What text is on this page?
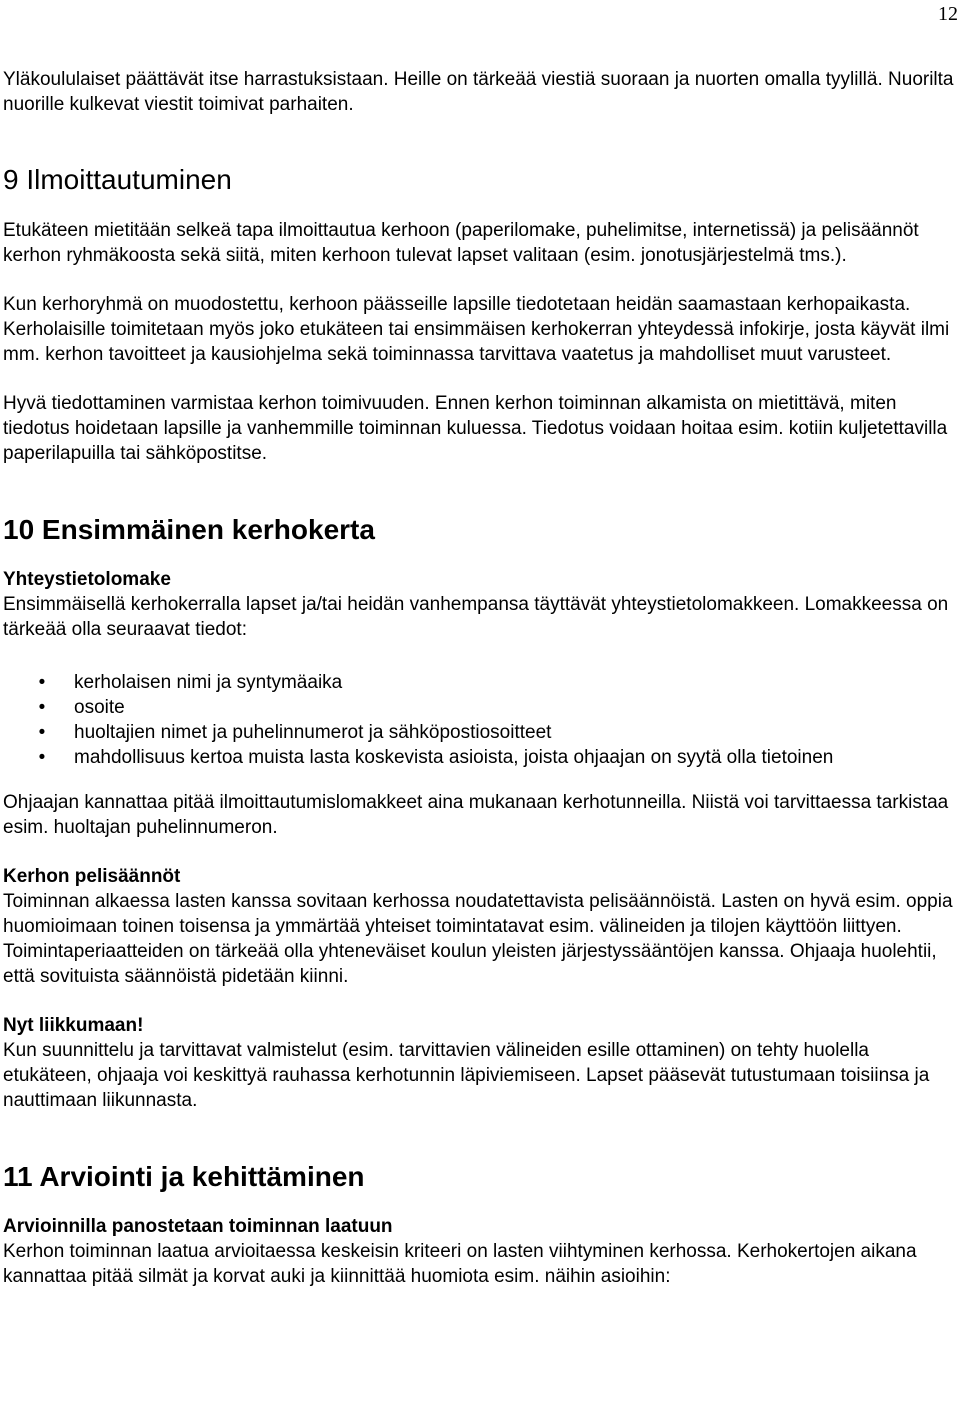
12

Yläkoululaiset päättävät itse harrastuksistaan. Heille on tärkeää viestiä suoraan ja nuorten omalla tyylillä. Nuorilta nuorille kulkevat viestit toimivat parhaiten.

9 Ilmoittautuminen

Etukäteen mietitään selkeä tapa ilmoittautua kerhoon (paperilomake, puhelimitse, internetissä) ja pelisäännöt kerhon ryhmäkoosta sekä siitä, miten kerhoon tulevat lapset valitaan (esim. jonotusjärjestelmä tms.).

Kun kerhoryhmä on muodostettu, kerhoon päässeille lapsille tiedotetaan heidän saamastaan kerhopaikasta. Kerholaisille toimitetaan myös joko etukäteen tai ensimmäisen kerhokerran yhteydessä infokirje, josta käyvät ilmi mm. kerhon tavoitteet ja kausiohjelma sekä toiminnassa tarvittava vaatetus ja mahdolliset muut varusteet.

Hyvä tiedottaminen varmistaa kerhon toimivuuden. Ennen kerhon toiminnan alkamista on mietittävä, miten tiedotus hoidetaan lapsille ja vanhemmille toiminnan kuluessa. Tiedotus voidaan hoitaa esim. kotiin kuljetettavilla paperilapuilla tai sähköpostitse.

10 Ensimmäinen kerhokerta
Yhteystietolomake

Ensimmäisellä kerhokerralla lapset ja/tai heidän vanhempansa täyttävät yhteystietolomakkeen. Lomakkeessa on tärkeää olla seuraavat tiedot:

• kerholaisen nimi ja syntymäaika
• osoite
• huoltajien nimet ja puhelinnumerot ja sähköpostiosoitteet
• mahdollisuus kertoa muista lasta koskevista asioista, joista ohjaajan on syytä olla tietoinen

Ohjaajan kannattaa pitää ilmoittautumislomakkeet aina mukanaan kerhotunneilla. Niistä voi tarvittaessa tarkistaa esim. huoltajan puhelinnumeron.

Kerhon pelisäännöt

Toiminnan alkaessa lasten kanssa sovitaan kerhossa noudatettavista pelisäännöistä. Lasten on hyvä esim. oppia huomioimaan toinen toisensa ja ymmärtää yhteiset toimintatavat esim. välineiden ja tilojen käyttöön liittyen. Toimintaperiaatteiden on tärkeää olla yhteneväiset koulun yleisten järjestyssääntöjen kanssa. Ohjaaja huolehtii, että sovituista säännöistä pidetään kiinni.

Nyt liikkumaan!

Kun suunnittelu ja tarvittavat valmistelut (esim. tarvittavien välineiden esille ottaminen) on tehty huolella etukäteen, ohjaaja voi keskittyä rauhassa kerhotunnin läpiviemiseen. Lapset pääsevät tutustumaan toisiinsa ja nauttimaan liikunnasta.

11 Arviointi ja kehittäminen
Arvioinnilla panostetaan toiminnan laatuun

Kerhon toiminnan laatua arvioitaessa keskeisin kriteeri on lasten viihtyminen kerhossa. Kerhokertojen aikana kannattaa pitää silmät ja korvat auki ja kiinnittää huomiota esim. näihin asioihin:
